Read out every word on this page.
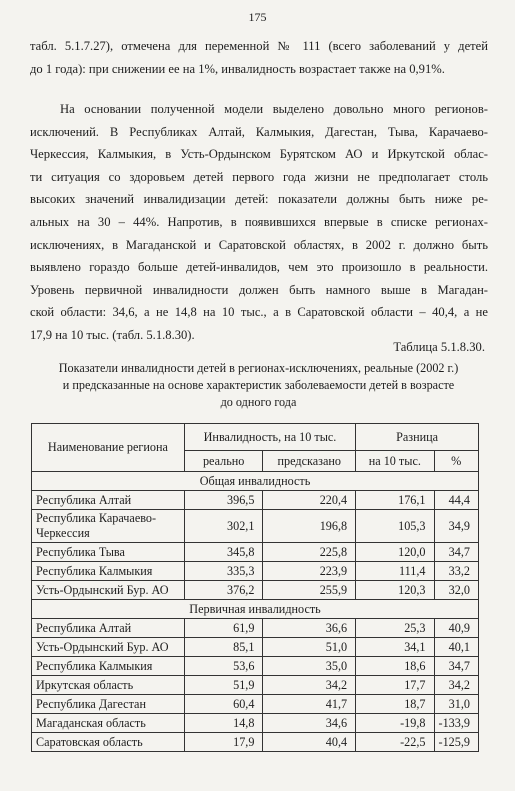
175
табл. 5.1.7.27), отмечена для переменной № 111 (всего заболеваний у детей
до 1 года): при снижении ее на 1%, инвалидность возрастает также на 0,91%.
На основании полученной модели выделено довольно много регионов-
исключений. В Республиках Алтай, Калмыкия, Дагестан, Тыва, Карачаево-
Черкессия, Калмыкия, в Усть-Ордынском Бурятском АО и Иркутской облас-
ти ситуация со здоровьем детей первого года жизни не предполагает столь
высоких значений инвалидизации детей: показатели должны быть ниже ре-
альных на 30 – 44%. Напротив, в появившихся впервые в списке регионах-
исключениях, в Магаданской и Саратовской областях, в 2002 г. должно быть
выявлено гораздо больше детей-инвалидов, чем это произошло в реальности.
Уровень первичной инвалидности должен быть намного выше в Магадан-
ской области: 34,6, а не 14,8 на 10 тыс., а в Саратовской области – 40,4, а не
17,9 на 10 тыс. (табл. 5.1.8.30).
Таблица 5.1.8.30.
Показатели инвалидности детей в регионах-исключениях, реальные (2002 г.)
и предсказанные на основе характеристик заболеваемости детей в возрасте
до одного года
Наименование региона	Инвалидность, на 10 тыс.		Разница	
	реально	предсказано	на 10 тыс.	%
Общая инвалидность				
Республика Алтай	396,5	220,4	176,1	44,4
Республика Карачаево-Черкессия	302,1	196,8	105,3	34,9
Республика Тыва	345,8	225,8	120,0	34,7
Республика Калмыкия	335,3	223,9	111,4	33,2
Усть-Ордынский Бур. АО	376,2	255,9	120,3	32,0
Первичная инвалидность				
Республика Алтай	61,9	36,6	25,3	40,9
Усть-Ордынский Бур. АО	85,1	51,0	34,1	40,1
Республика Калмыкия	53,6	35,0	18,6	34,7
Иркутская область	51,9	34,2	17,7	34,2
Республика Дагестан	60,4	41,7	18,7	31,0
Магаданская область	14,8	34,6	-19,8	-133,9
Саратовская область	17,9	40,4	-22,5	-125,9
